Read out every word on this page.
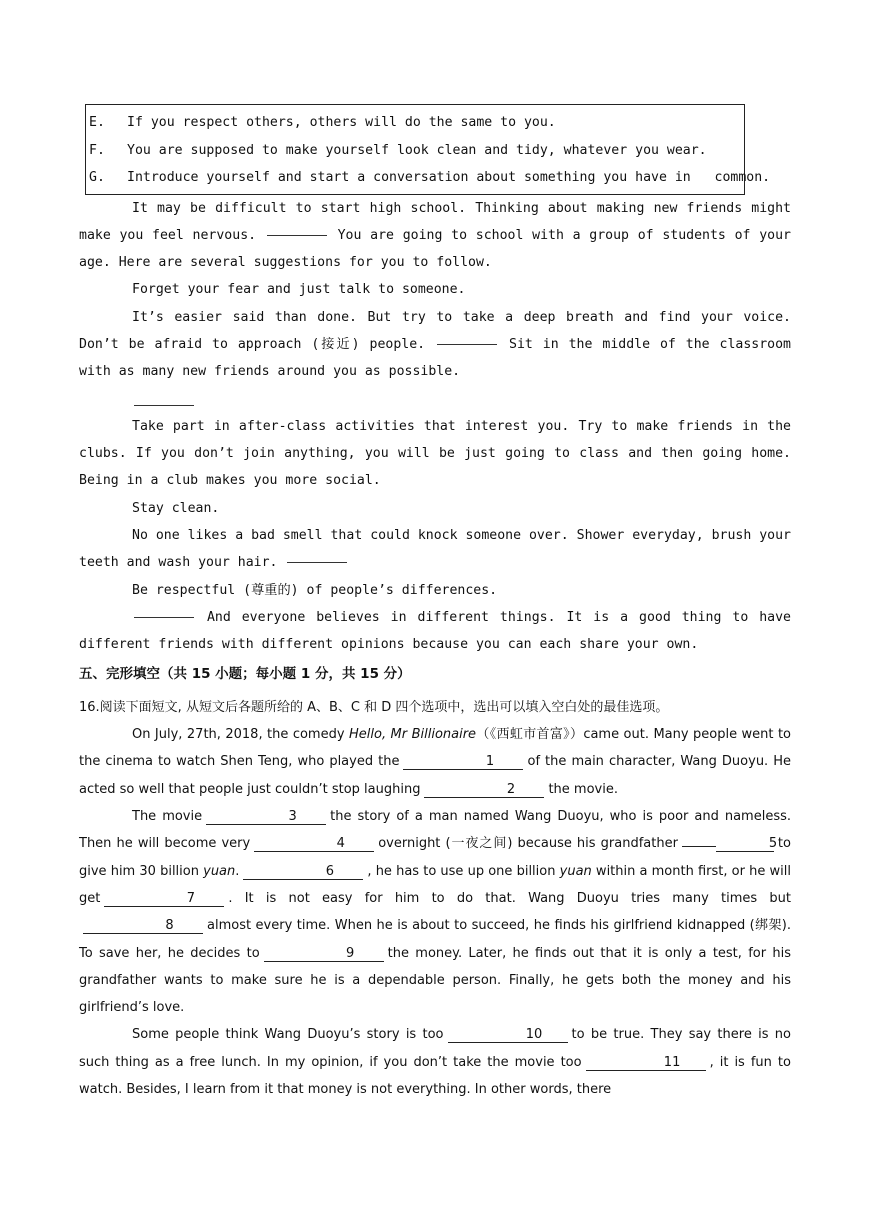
E. If you respect others, others will do the same to you.
F. You are supposed to make yourself look clean and tidy, whatever you wear.
G. Introduce yourself and start a conversation about something you have in   common.

It may be difficult to start high school. Thinking about making new friends might make you feel nervous.	You are going to school with a group of students of your age. Here are several suggestions for you to follow.

Forget your fear and just talk to someone.

It’s easier said than done. But try to take a deep breath and find your voice. Don’t be afraid to approach (接近) people.	Sit in the middle of the classroom with as many new friends around you as possible.

Take part in after-class activities that interest you. Try to make friends in the clubs. If you don’t join anything, you will be just going to class and then going home. Being in a club makes you more social.

Stay clean.

No one likes a bad smell that could knock someone over. Shower everyday, brush your teeth and wash your hair.

Be respectful (尊重的) of people’s differences.

And everyone believes in different things. It is a good thing to have different friends with different opinions because you can each share your own.

五、完形填空（共 15 小题；每小题 1 分，共 15 分）
16.阅读下面短文, 从短文后各题所给的 A、B、C 和 D 四个选项中，选出可以填入空白处的最佳选项。

On July, 27th, 2018, the comedy Hello, Mr Billionaire（《西虹市首富》）came out. Many people went to the cinema to watch Shen Teng, who played the	1	of the main character, Wang Duoyu. He acted so well that people just couldn’t stop laughing	2	the movie.

The movie	3	the story of a man named Wang Duoyu, who is poor and nameless. Then he will become very	4	overnight (一夜之间) because his grandfather	5to give him 30 billion yuan.	6	, he has to use up one billion yuan within a month first, or he will get	7	. It is not easy for him to do that. Wang Duoyu tries many times but8	almost every time. When he is about to succeed, he finds his girlfriend kidnapped (绑架). To save her, he decides to	9	the money. Later, he finds out that it is only a test, for his grandfather wants to make sure he is a dependable person. Finally, he gets both the money and his girlfriend’s love.

Some people think Wang Duoyu’s story is too	10 to be true. They say there is no such thing as a free lunch. In my opinion, if you don’t take the movie too	11 , it is fun to watch. Besides, I learn from it that money is not everything. In other words, there
